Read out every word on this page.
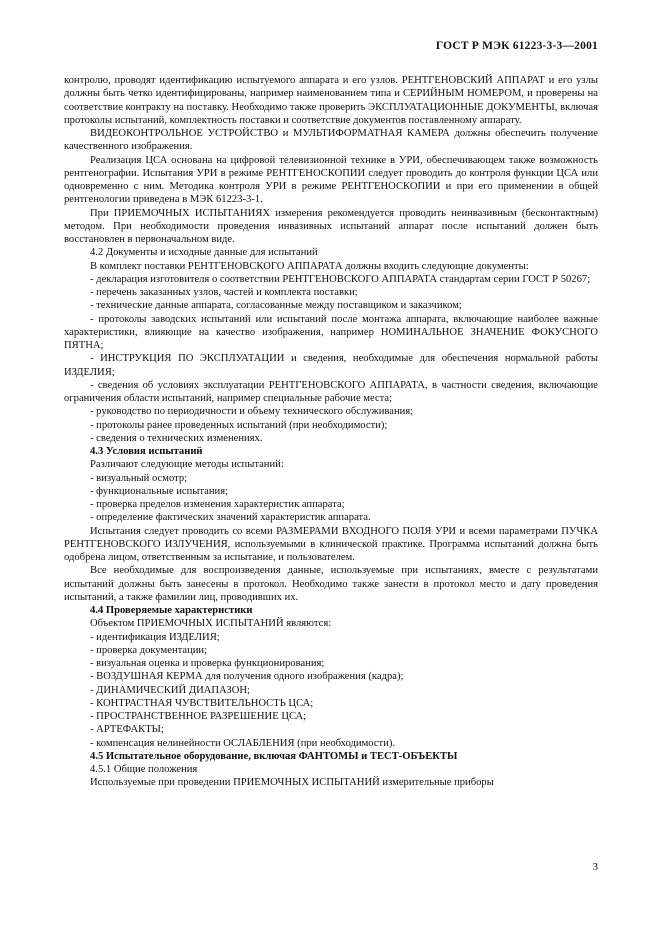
ГОСТ Р МЭК 61223-3-3—2001

контролю, проводят идентификацию испытуемого аппарата и его узлов. РЕНТГЕНОВСКИЙ АППАРАТ и его узлы должны быть четко идентифицированы, например наименованием типа и СЕРИЙНЫМ НОМЕРОМ, и проверены на соответствие контракту на поставку. Необходимо также проверить ЭКСПЛУАТАЦИОННЫЕ ДОКУМЕНТЫ, включая протоколы испытаний, комплектность поставки и соответствие документов поставленному аппарату.

ВИДЕОКОНТРОЛЬНОЕ УСТРОЙСТВО и МУЛЬТИФОРМАТНАЯ КАМЕРА должны обеспечить получение качественного изображения.

Реализация ЦСА основана на цифровой телевизионной технике в УРИ, обеспечивающем также возможность рентгенографии. Испытания УРИ в режиме РЕНТГЕНОСКОПИИ следует проводить до контроля функции ЦСА или одновременно с ним. Методика контроля УРИ в режиме РЕНТГЕНОСКОПИИ и при его применении в общей рентгенологии приведена в МЭК 61223-3-1.

При ПРИЕМОЧНЫХ ИСПЫТАНИЯХ измерения рекомендуется проводить неинвазивным (бесконтактным) методом. При необходимости проведения инвазивных испытаний аппарат после испытаний должен быть восстановлен в первоначальном виде.

4.2 Документы и исходные данные для испытаний

В комплект поставки РЕНТГЕНОВСКОГО АППАРАТА должны входить следующие документы:

- декларация изготовителя о соответствии РЕНТГЕНОВСКОГО АППАРАТА стандартам серии ГОСТ Р 50267;

- перечень заказанных узлов, частей и комплекта поставки;

- технические данные аппарата, согласованные между поставщиком и заказчиком;

- протоколы заводских испытаний или испытаний после монтажа аппарата, включающие наиболее важные характеристики, влияющие на качество изображения, например НОМИНАЛЬНОЕ ЗНАЧЕНИЕ ФОКУСНОГО ПЯТНА;

- ИНСТРУКЦИЯ ПО ЭКСПЛУАТАЦИИ и сведения, необходимые для обеспечения нормальной работы ИЗДЕЛИЯ;

- сведения об условиях эксплуатации РЕНТГЕНОВСКОГО АППАРАТА, в частности сведения, включающие ограничения области испытаний, например специальные рабочие места;

- руководство по периодичности и объему технического обслуживания;

- протоколы ранее проведенных испытаний (при необходимости);

- сведения о технических изменениях.

4.3 Условия испытаний

Различают следующие методы испытаний:

- визуальный осмотр;

- функциональные испытания;

- проверка пределов изменения характеристик аппарата;

- определение фактических значений характеристик аппарата.

Испытания следует проводить со всеми РАЗМЕРАМИ ВХОДНОГО ПОЛЯ УРИ и всеми параметрами ПУЧКА РЕНТГЕНОВСКОГО ИЗЛУЧЕНИЯ, используемыми в клинической практике. Программа испытаний должна быть одобрена лицом, ответственным за испытание, и пользователем.

Все необходимые для воспроизведения данные, используемые при испытаниях, вместе с результатами испытаний должны быть занесены в протокол. Необходимо также занести в протокол место и дату проведения испытаний, а также фамилии лиц, проводивших их.

4.4 Проверяемые характеристики

Объектом ПРИЕМОЧНЫХ ИСПЫТАНИЙ являются:

- идентификация ИЗДЕЛИЯ;

- проверка документации;

- визуальная оценка и проверка функционирования;

- ВОЗДУШНАЯ КЕРМА для получения одного изображения (кадра);

- ДИНАМИЧЕСКИЙ ДИАПАЗОН;

- КОНТРАСТНАЯ ЧУВСТВИТЕЛЬНОСТЬ ЦСА;

- ПРОСТРАНСТВЕННОЕ РАЗРЕШЕНИЕ ЦСА;

- АРТЕФАКТЫ;

- компенсация нелинейности ОСЛАБЛЕНИЯ (при необходимости).

4.5 Испытательное оборудование, включая ФАНТОМЫ и ТЕСТ-ОБЪЕКТЫ

4.5.1 Общие положения

Используемые при проведении ПРИЕМОЧНЫХ ИСПЫТАНИЙ измерительные приборы

3
